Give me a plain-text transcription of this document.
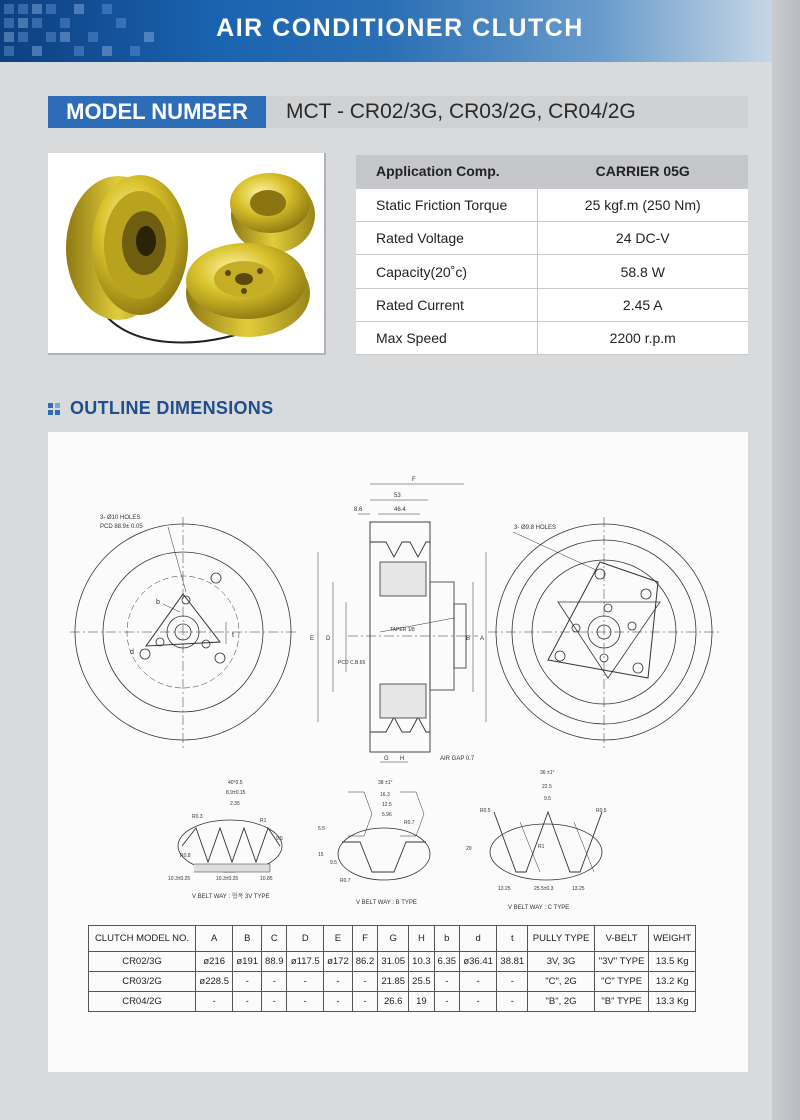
AIR CONDITIONER CLUTCH
MODEL NUMBER	MCT - CR02/3G, CR03/2G, CR04/2G
Application Comp.	CARRIER 05G
Static Friction Torque	25 kgf.m (250 Nm)
Rated Voltage	24 DC-V
Capacity(20˚c)	58.8 W
Rated Current	2.45 A
Max Speed	2200 r.p.m
OUTLINE DIMENSIONS
3- Ø10 HOLES
PCD 88.9± 0.05
b
t
d
F
53
46.4
8.6
E D
PCD C.B.65
B A
TAPER 1/8
G H	AIR GAP 0.7
3- Ø9.8 HOLES
40°0.5
8.9±0.15
2.35
R0.3
R1
R0.8
9.5
10.3±0.25	10.3±0.25	10.85
V BELT WAY : 협폭 3V TYPE
38 ±1°
16.3
12.5
5.96
R0.7
R0.7
5.5
15
9.5
V BELT WAY : B TYPE
36 ±1°
22.5
9.5
R0.5	R0.5
R1
20
13.25	25.5±0.3	13.25
V BELT WAY : C TYPE
CLUTCH MODEL NO.	A	B	C	D	E	F	G	H	b	d	t	PULLY TYPE	V-BELT	WEIGHT
CR02/3G	ø216	ø191	88.9	ø117.5	ø172	86.2	31.05	10.3	6.35	ø36.41	38.81	3V, 3G	"3V" TYPE	13.5 Kg
CR03/2G	ø228.5	-	-	-	-	-	21.85	25.5	-	-	-	"C", 2G	"C" TYPE	13.2 Kg
CR04/2G	-	-	-	-	-	-	26.6	19	-	-	-	"B", 2G	"B" TYPE	13.3 Kg
